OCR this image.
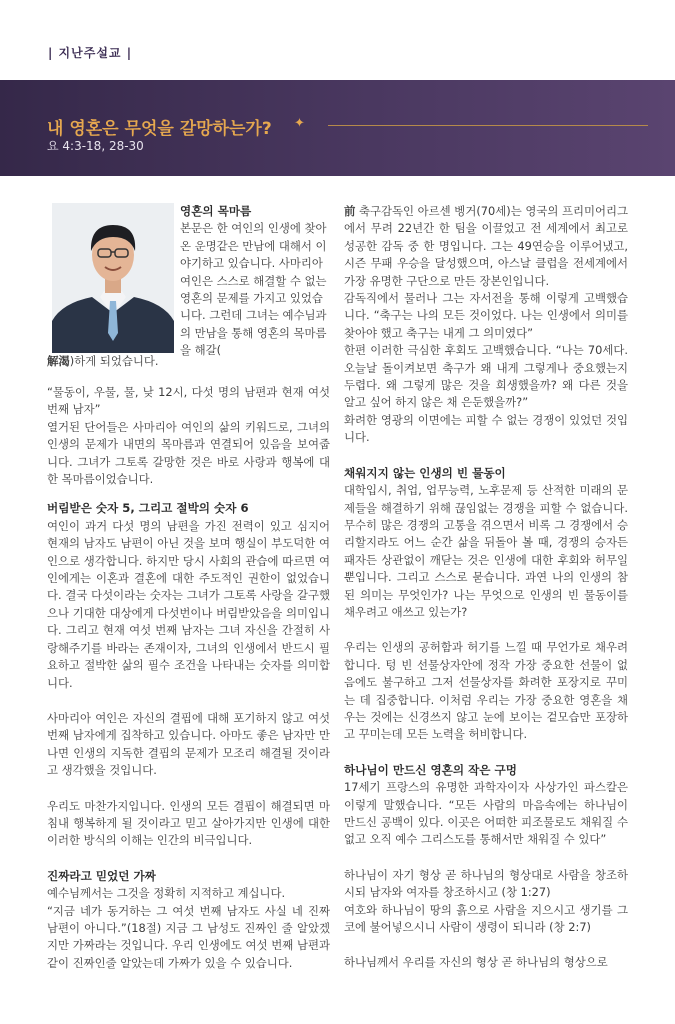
| 지난주설교 |
내 영혼은 무엇을 갈망하는가? ✦
요 4:3-18, 28-30
영혼의 목마름

본문은 한 여인의 인생에 찾아온 운명같은 만남에 대해서 이야기하고 있습니다. 사마리아 여인은 스스로 해결할 수 없는 영혼의 문제를 가지고 있었습니다. 그런데 그녀는 예수님과의 만남을 통해 영혼의 목마름을 해갈(

解渴)하게 되었습니다.

“물동이, 우물, 물, 낮 12시, 다섯 명의 남편과 현재 여섯 번째 남자”

열거된 단어들은 사마리아 여인의 삶의 키워드로, 그녀의 인생의 문제가 내면의 목마름과 연결되어 있음을 보여줍니다. 그녀가 그토록 갈망한 것은 바로 사랑과 행복에 대한 목마름이었습니다.

버림받은 숫자 5, 그리고 절박의 숫자 6

여인이 과거 다섯 명의 남편을 가진 전력이 있고 심지어 현재의 남자도 남편이 아닌 것을 보며 행실이 부도덕한 여인으로 생각합니다. 하지만 당시 사회의 관습에 따르면 여인에게는 이혼과 결혼에 대한 주도적인 권한이 없었습니다. 결국 다섯이라는 숫자는 그녀가 그토록 사랑을 갈구했으나 기대한 대상에게 다섯번이나 버림받았음을 의미입니다. 그리고 현재 여섯 번째 남자는 그녀 자신을 간절히 사랑해주기를 바라는 존재이자, 그녀의 인생에서 반드시 필요하고 절박한 삶의 필수 조건을 나타내는 숫자를 의미합니다.

사마리아 여인은 자신의 결핍에 대해 포기하지 않고 여섯번째 남자에게 집착하고 있습니다. 아마도 좋은 남자만 만나면 인생의 지독한 결핍의 문제가 모조리 해결될 것이라고 생각했을 것입니다.

우리도 마찬가지입니다. 인생의 모든 결핍이 해결되면 마침내 행복하게 될 것이라고 믿고 살아가지만 인생에 대한 이러한 방식의 이해는 인간의 비극입니다.

진짜라고 믿었던 가짜

예수님께서는 그것을 정확히 지적하고 계십니다.

“지금 네가 동거하는 그 여섯 번째 남자도 사실 네 진짜 남편이 아니다.”(18절) 지금 그 남성도 진짜인 줄 알았겠지만 가짜라는 것입니다. 우리 인생에도 여섯 번째 남편과 같이 진짜인줄 알았는데 가짜가 있을 수 있습니다.

前 축구감독인 아르센 벵거(70세)는 영국의 프리미어리그에서 무려 22년간 한 팀을 이끌었고 전 세계에서 최고로 성공한 감독 중 한 명입니다. 그는 49연승을 이루어냈고, 시즌 무패 우승을 달성했으며, 아스날 클럽을 전세계에서 가장 유명한 구단으로 만든 장본인입니다.

감독직에서 물러나 그는 자서전을 통해 이렇게 고백했습니다. “축구는 나의 모든 것이었다. 나는 인생에서 의미를 찾아야 했고 축구는 내게 그 의미였다”

한편 이러한 극심한 후회도 고백했습니다. “나는 70세다. 오늘날 돌이켜보면 축구가 왜 내게 그렇게나 중요했는지 두렵다. 왜 그렇게 많은 것을 희생했을까? 왜 다른 것을 알고 싶어 하지 않은 채 은둔했을까?”

화려한 영광의 이면에는 피할 수 없는 경쟁이 있었던 것입니다.

채워지지 않는 인생의 빈 물동이

대학입시, 취업, 업무능력, 노후문제 등 산적한 미래의 문제들을 해결하기 위해 끊임없는 경쟁을 피할 수 없습니다. 무수히 많은 경쟁의 고통을 겪으면서 비록 그 경쟁에서 승리할지라도 어느 순간 삶을 뒤돌아 볼 때, 경쟁의 승자든 패자든 상관없이 깨닫는 것은 인생에 대한 후회와 허무일 뿐입니다. 그리고 스스로 묻습니다. 과연 나의 인생의 참된 의미는 무엇인가? 나는 무엇으로 인생의 빈 물동이를 채우려고 애쓰고 있는가?

우리는 인생의 공허함과 허기를 느낄 때 무언가로 채우려 합니다. 텅 빈 선물상자안에 정작 가장 중요한 선물이 없음에도 불구하고 그저 선물상자를 화려한 포장지로 꾸미는 데 집중합니다. 이처럼 우리는 가장 중요한 영혼을 채우는 것에는 신경쓰지 않고 눈에 보이는 겉모습만 포장하고 꾸미는데 모든 노력을 허비합니다.

하나님이 만드신 영혼의 작은 구멍

17세기 프랑스의 유명한 과학자이자 사상가인 파스칼은 이렇게 말했습니다. “모든 사람의 마음속에는 하나님이 만드신 공백이 있다. 이곳은 어떠한 피조물로도 채워질 수 없고 오직 예수 그리스도를 통해서만 채워질 수 있다”

하나님이 자기 형상 곧 하나님의 형상대로 사람을 창조하시되 남자와 여자를 창조하시고 (창 1:27)

여호와 하나님이 땅의 흙으로 사람을 지으시고 생기를 그 코에 불어넣으시니 사람이 생령이 되니라 (창 2:7)

하나님께서 우리를 자신의 형상 곧 하나님의 형상으로
